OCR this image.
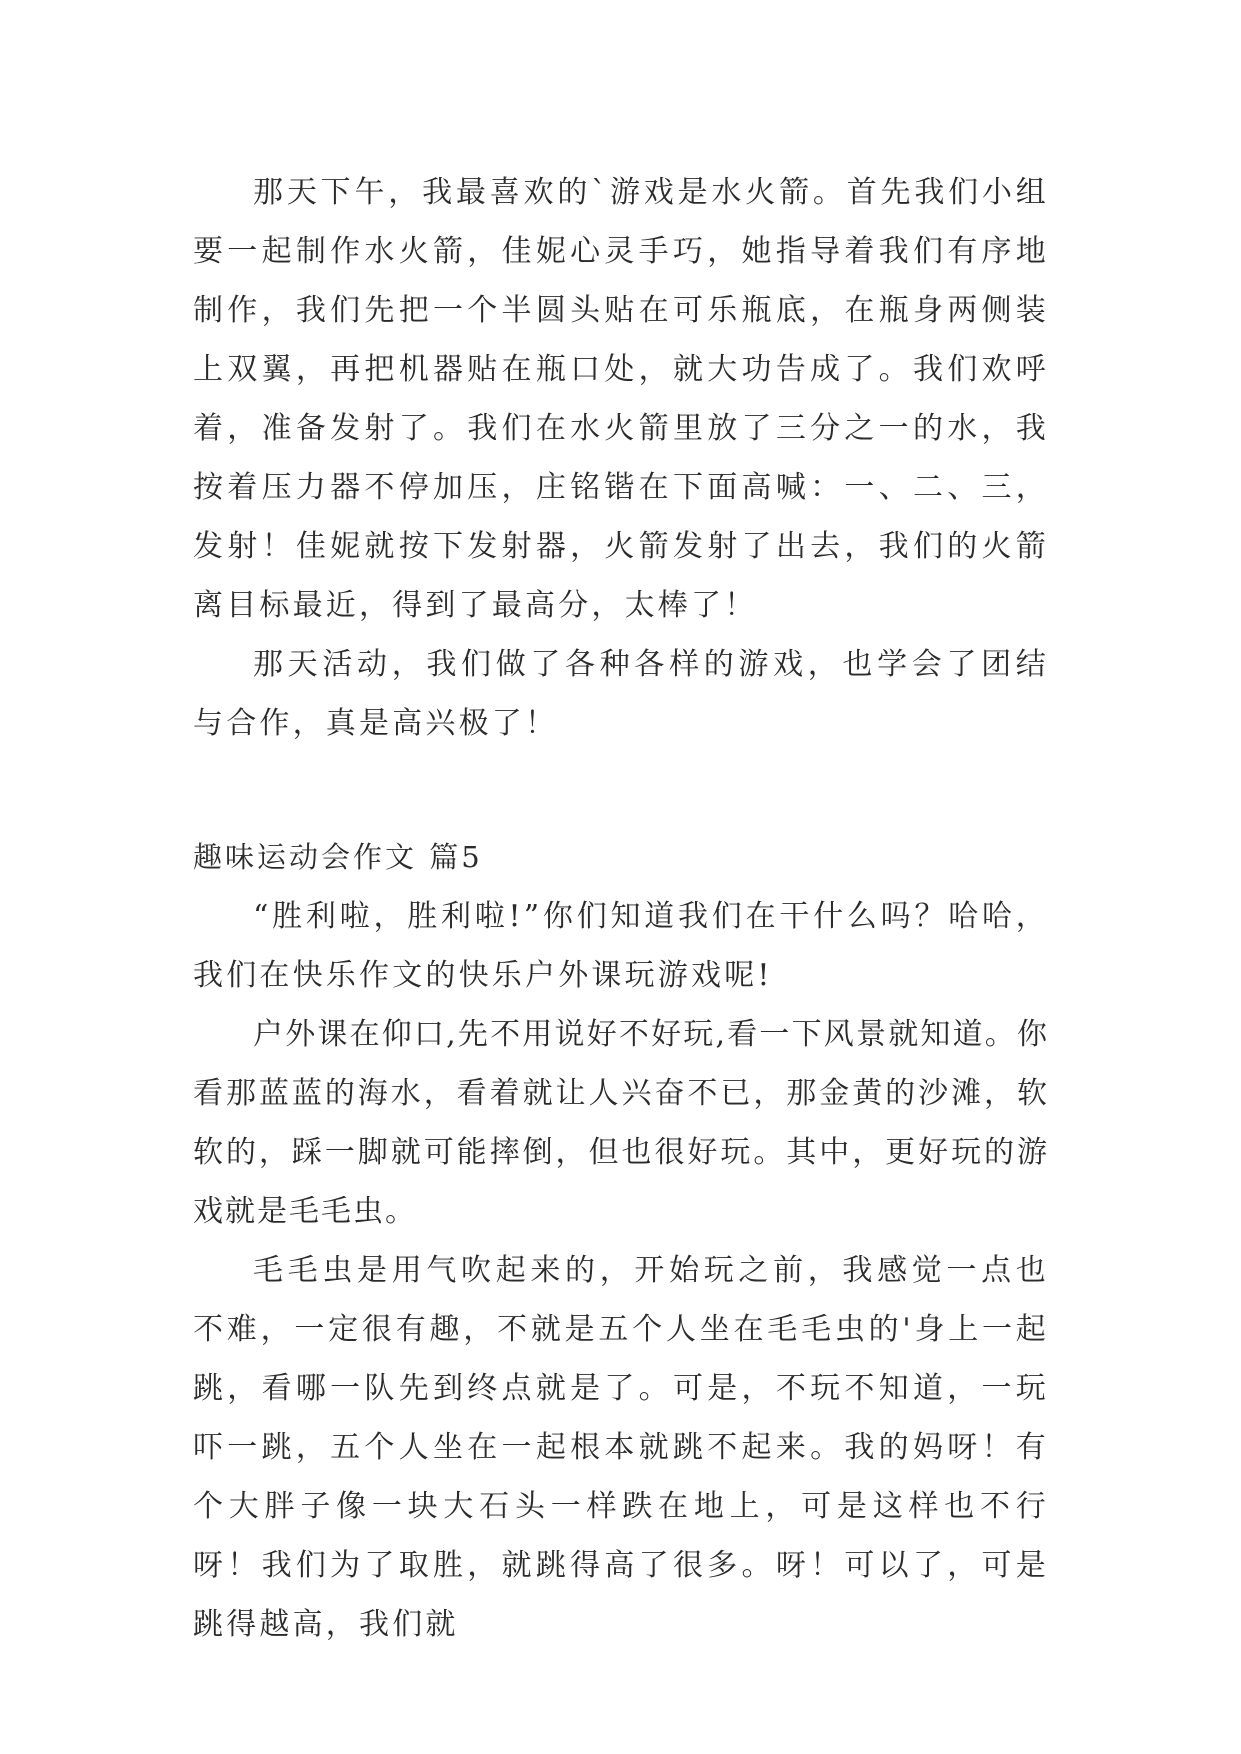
那天下午，我最喜欢的`游戏是水火箭。首先我们小组要一起制作水火箭，佳妮心灵手巧，她指导着我们有序地制作，我们先把一个半圆头贴在可乐瓶底，在瓶身两侧装上双翼，再把机器贴在瓶口处，就大功告成了。我们欢呼着，准备发射了。我们在水火箭里放了三分之一的水，我按着压力器不停加压，庄铭锴在下面高喊：一、二、三，发射！佳妮就按下发射器，火箭发射了出去，我们的火箭离目标最近，得到了最高分，太棒了！

那天活动，我们做了各种各样的游戏，也学会了团结与合作，真是高兴极了！

趣味运动会作文 篇5

“胜利啦，胜利啦!”你们知道我们在干什么吗？哈哈，我们在快乐作文的快乐户外课玩游戏呢!

户外课在仰口,先不用说好不好玩,看一下风景就知道。你看那蓝蓝的海水，看着就让人兴奋不已，那金黄的沙滩，软软的，踩一脚就可能摔倒，但也很好玩。其中，更好玩的游戏就是毛毛虫。

毛毛虫是用气吹起来的，开始玩之前，我感觉一点也不难，一定很有趣，不就是五个人坐在毛毛虫的'身上一起跳，看哪一队先到终点就是了。可是，不玩不知道，一玩吓一跳，五个人坐在一起根本就跳不起来。我的妈呀！有个大胖子像一块大石头一样跌在地上，可是这样也不行呀！我们为了取胜，就跳得高了很多。呀！可以了，可是跳得越高，我们就
